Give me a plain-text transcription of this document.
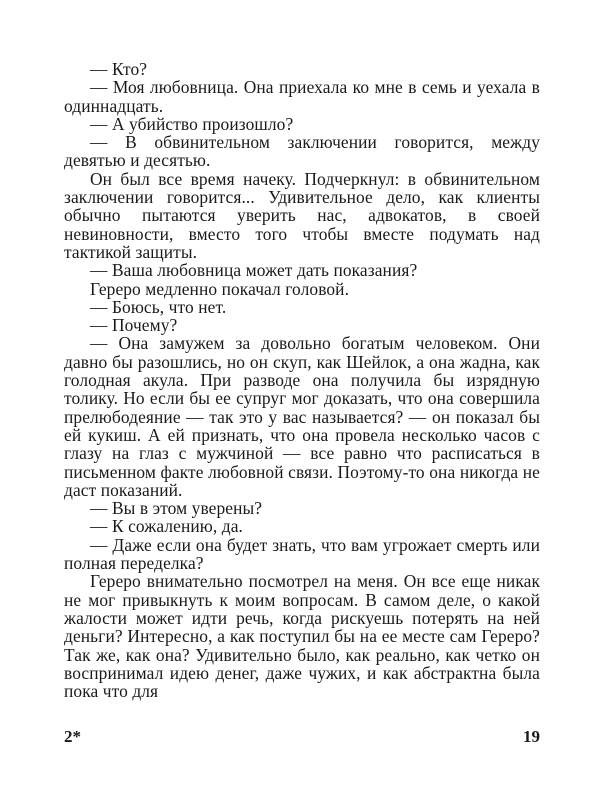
— Кто?

— Моя любовница. Она приехала ко мне в семь и уехала в одиннадцать.

— А убийство произошло?

— В обвинительном заключении говорится, между девятью и десятью.

Он был все время начеку. Подчеркнул: в обвинительном заключении говорится... Удивительное дело, как клиенты обычно пытаются уверить нас, адвокатов, в своей невиновности, вместо того чтобы вместе подумать над тактикой защиты.

— Ваша любовница может дать показания?

Гереро медленно покачал головой.

— Боюсь, что нет.

— Почему?

— Она замужем за довольно богатым человеком. Они давно бы разошлись, но он скуп, как Шейлок, а она жадна, как голодная акула. При разводе она получила бы изрядную толику. Но если бы ее супруг мог доказать, что она совершила прелюбодеяние — так это у вас называется? — он показал бы ей кукиш. А ей признать, что она провела несколько часов с глазу на глаз с мужчиной — все равно что расписаться в письменном факте любовной связи. Поэтому-то она никогда не даст показаний.

— Вы в этом уверены?

— К сожалению, да.

— Даже если она будет знать, что вам угрожает смерть или полная переделка?

Гереро внимательно посмотрел на меня. Он все еще никак не мог привыкнуть к моим вопросам. В самом деле, о какой жалости может идти речь, когда рискуешь потерять на ней деньги? Интересно, а как поступил бы на ее месте сам Гереро? Так же, как она? Удивительно было, как реально, как четко он воспринимал идею денег, даже чужих, и как абстрактна была пока что для

2*	19
